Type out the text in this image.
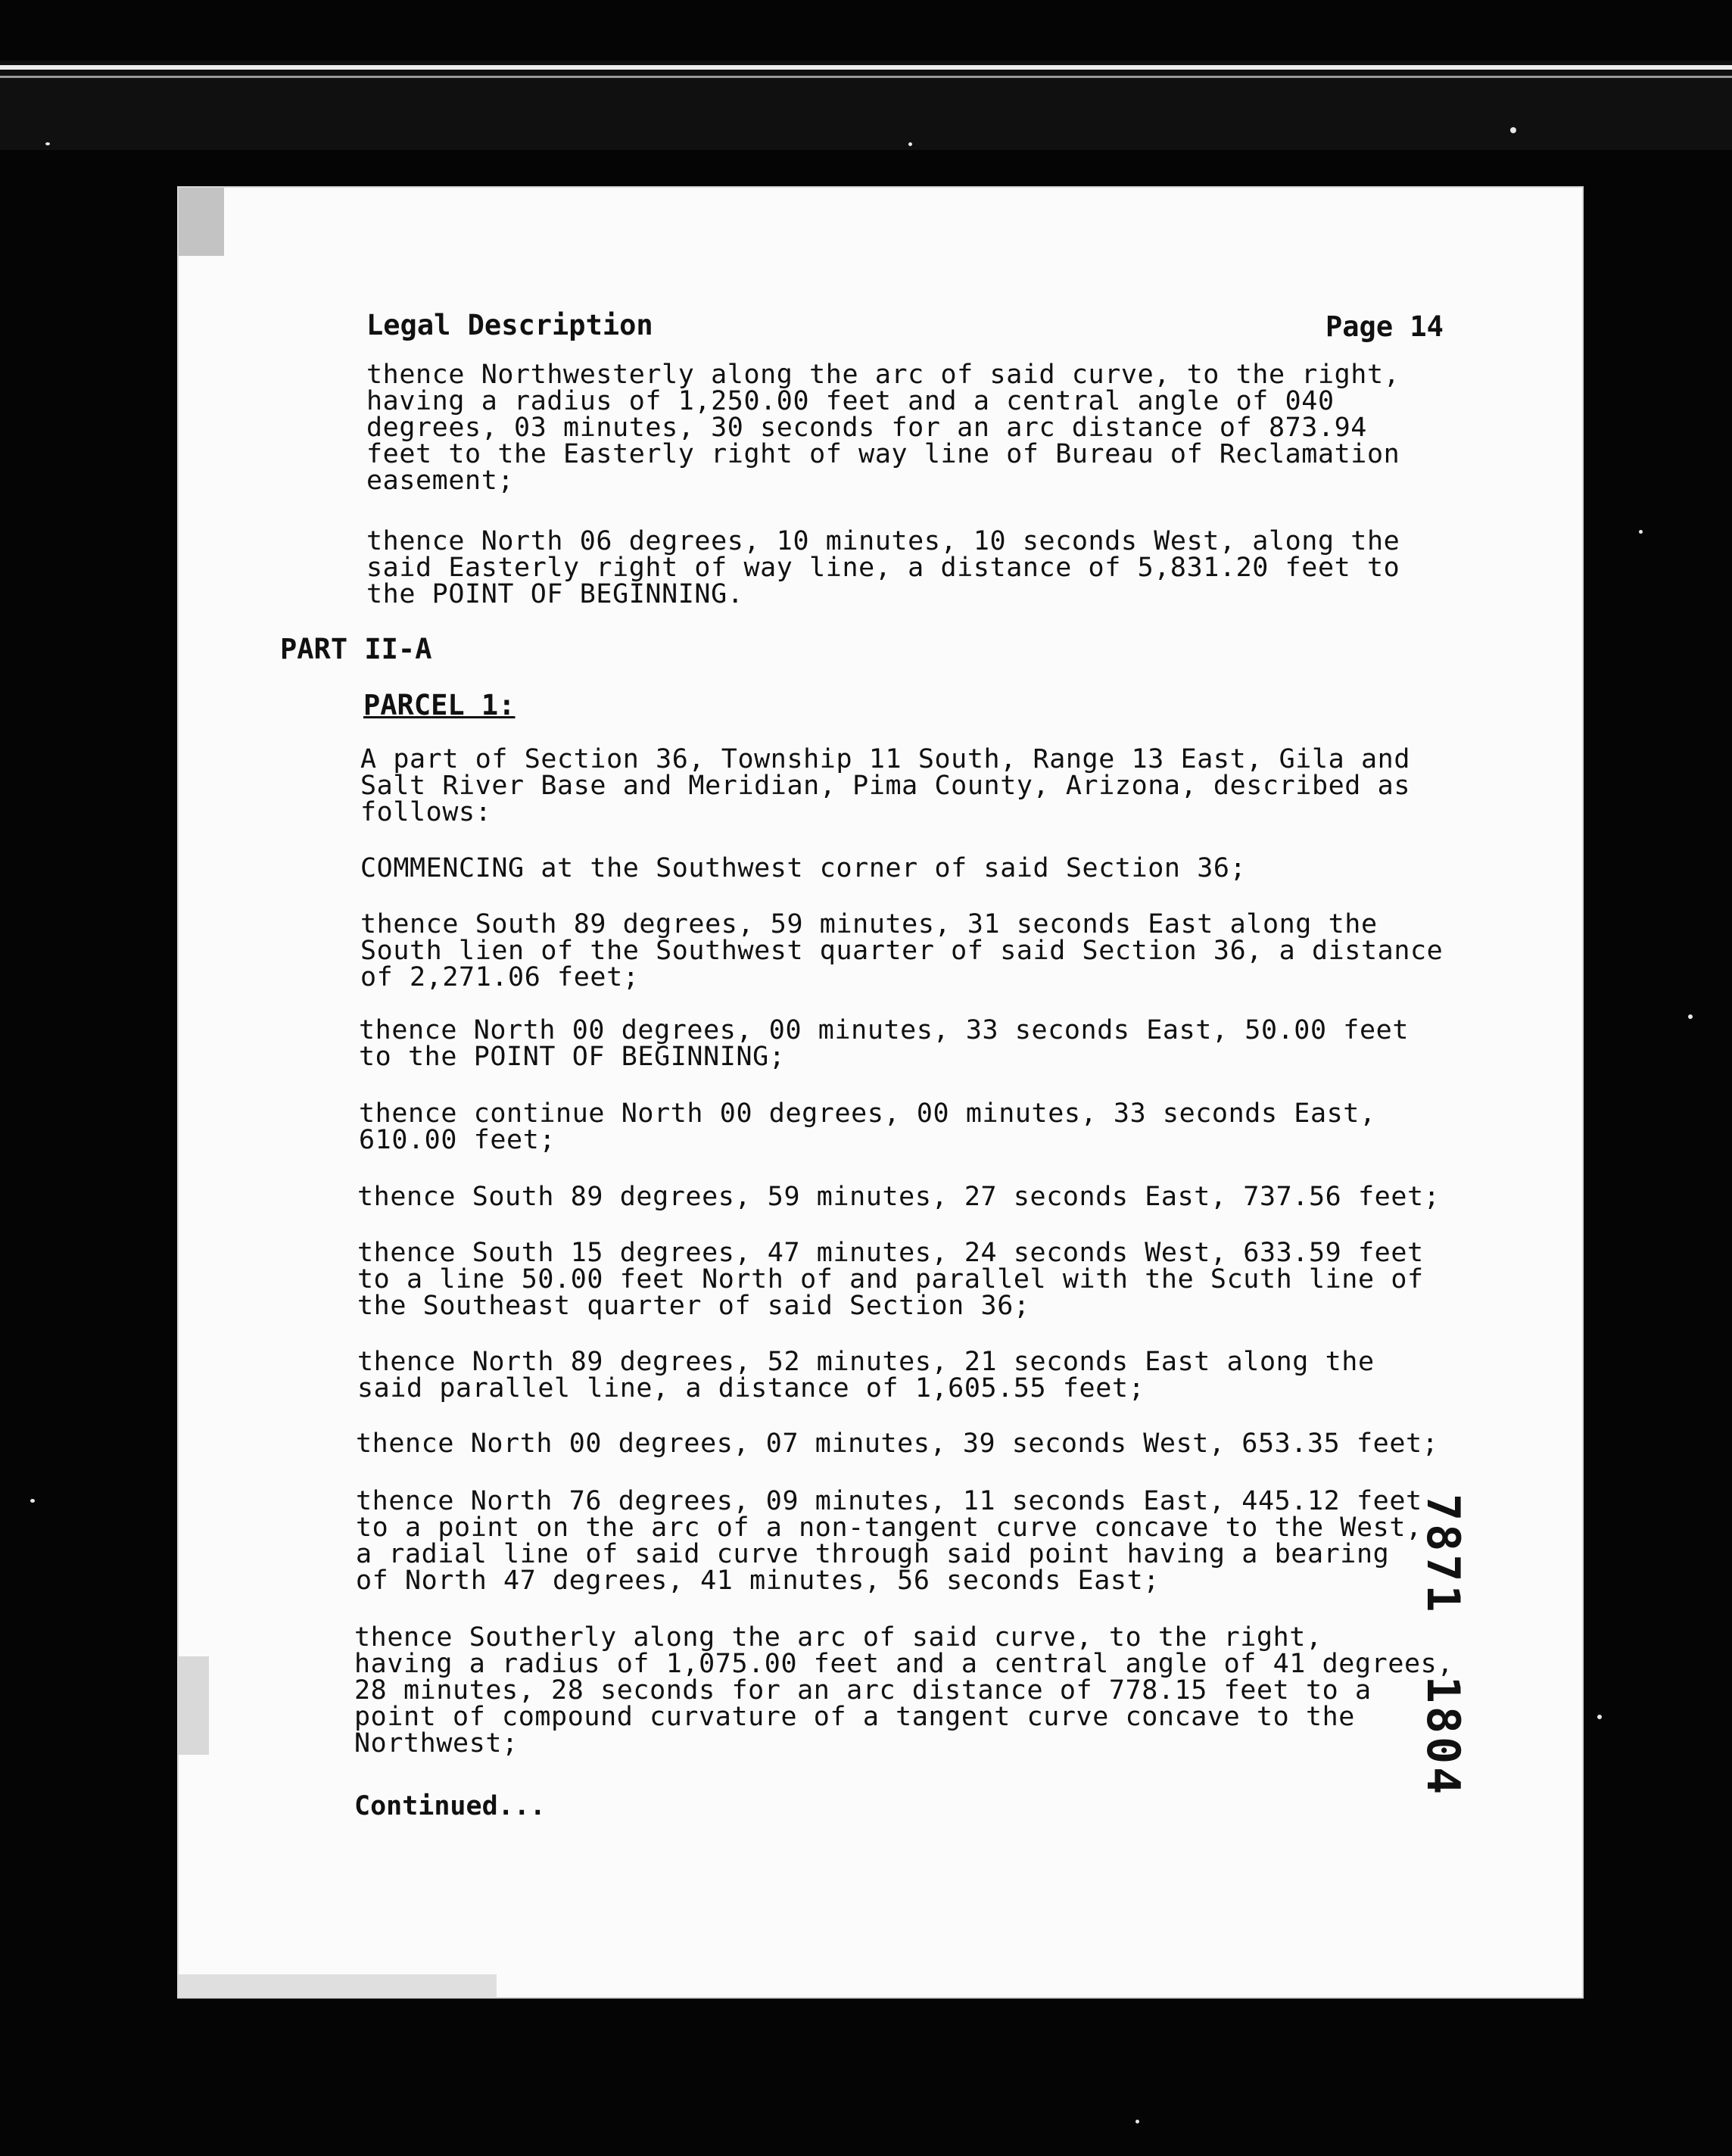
Legal Description	Page 14

thence Northwesterly along the arc of said curve, to the right,
having a radius of 1,250.00 feet and a central angle of 040
degrees, 03 minutes, 30 seconds for an arc distance of 873.94
feet to the Easterly right of way line of Bureau of Reclamation
easement;

thence North 06 degrees, 10 minutes, 10 seconds West, along the
said Easterly right of way line, a distance of 5,831.20 feet to
the POINT OF BEGINNING.

PART II-A

PARCEL 1:

A part of Section 36, Township 11 South, Range 13 East, Gila and
Salt River Base and Meridian, Pima County, Arizona, described as
follows:

COMMENCING at the Southwest corner of said Section 36;

thence South 89 degrees, 59 minutes, 31 seconds East along the
South lien of the Southwest quarter of said Section 36, a distance
of 2,271.06 feet;

thence North 00 degrees, 00 minutes, 33 seconds East, 50.00 feet
to the POINT OF BEGINNING;

thence continue North 00 degrees, 00 minutes, 33 seconds East,
610.00 feet;

thence South 89 degrees, 59 minutes, 27 seconds East, 737.56 feet;

thence South 15 degrees, 47 minutes, 24 seconds West, 633.59 feet
to a line 50.00 feet North of and parallel with the Scuth line of
the Southeast quarter of said Section 36;

thence North 89 degrees, 52 minutes, 21 seconds East along the
said parallel line, a distance of 1,605.55 feet;

thence North 00 degrees, 07 minutes, 39 seconds West, 653.35 feet;

thence North 76 degrees, 09 minutes, 11 seconds East, 445.12 feet
to a point on the arc of a non-tangent curve concave to the West,
a radial line of said curve through said point having a bearing
of North 47 degrees, 41 minutes, 56 seconds East;

thence Southerly along the arc of said curve, to the right,
having a radius of 1,075.00 feet and a central angle of 41 degrees,
28 minutes, 28 seconds for an arc distance of 778.15 feet to a
point of compound curvature of a tangent curve concave to the
Northwest;

Continued...

7871  1804
